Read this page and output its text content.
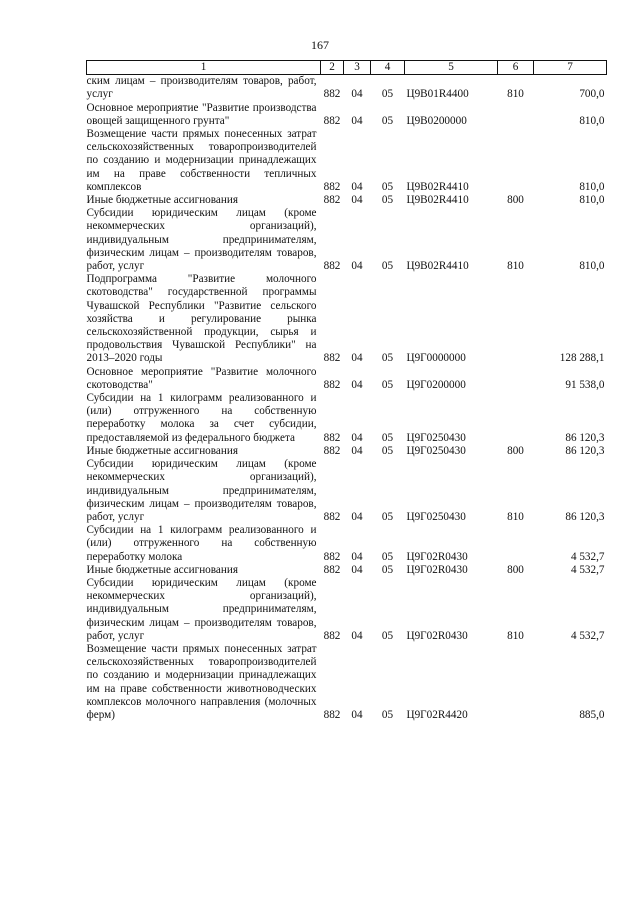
167
1	2	3	4	5	6	7
ским лицам – производителям товаров, работ, услуг	882	04	05	Ц9В01R4400	810	700,0
Основное мероприятие "Развитие производства овощей защищенного грунта"	882	04	05	Ц9В0200000		810,0
Возмещение части прямых понесенных затрат сельскохозяйственных товаропроизводителей по созданию и модернизации принадлежащих им на праве собственности тепличных комплексов	882	04	05	Ц9В02R4410		810,0
Иные бюджетные ассигнования	882	04	05	Ц9В02R4410	800	810,0
Субсидии юридическим лицам (кроме некоммерческих организаций), индивидуальным предпринимателям, физическим лицам – производителям товаров, работ, услуг	882	04	05	Ц9В02R4410	810	810,0
Подпрограмма "Развитие молочного скотоводства" государственной программы Чувашской Республики "Развитие сельского хозяйства и регулирование рынка сельскохозяйственной продукции, сырья и продовольствия Чувашской Республики" на 2013–2020 годы	882	04	05	Ц9Г0000000		128 288,1
Основное мероприятие "Развитие молочного скотоводства"	882	04	05	Ц9Г0200000		91 538,0
Субсидии на 1 килограмм реализованного и (или) отгруженного на собственную переработку молока за счет субсидии, предоставляемой из федерального бюджета	882	04	05	Ц9Г0250430		86 120,3
Иные бюджетные ассигнования	882	04	05	Ц9Г0250430	800	86 120,3
Субсидии юридическим лицам (кроме некоммерческих организаций), индивидуальным предпринимателям, физическим лицам – производителям товаров, работ, услуг	882	04	05	Ц9Г0250430	810	86 120,3
Субсидии на 1 килограмм реализованного и (или) отгруженного на собственную переработку молока	882	04	05	Ц9Г02R0430		4 532,7
Иные бюджетные ассигнования	882	04	05	Ц9Г02R0430	800	4 532,7
Субсидии юридическим лицам (кроме некоммерческих организаций), индивидуальным предпринимателям, физическим лицам – производителям товаров, работ, услуг	882	04	05	Ц9Г02R0430	810	4 532,7
Возмещение части прямых понесенных затрат сельскохозяйственных товаропроизводителей по созданию и модернизации принадлежащих им на праве собственности животноводческих комплексов молочного направления (молочных ферм)	882	04	05	Ц9Г02R4420		885,0
